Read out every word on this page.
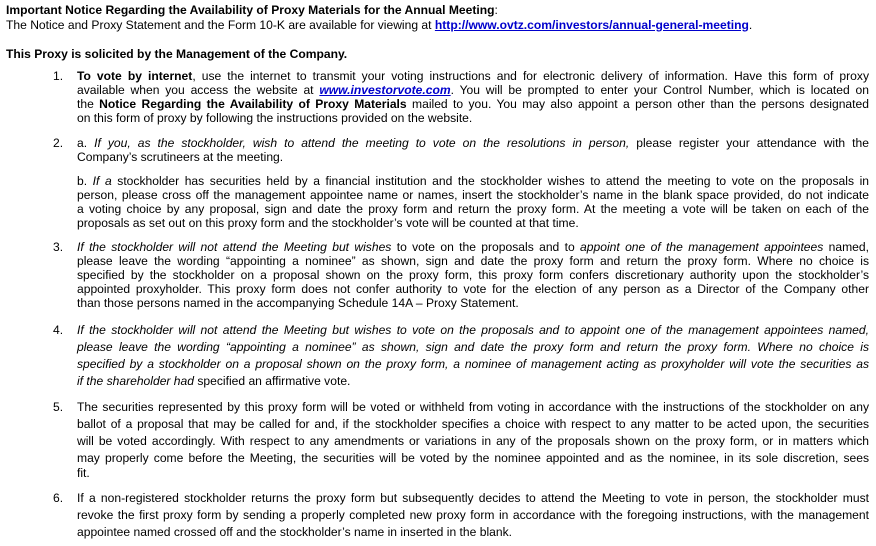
Important Notice Regarding the Availability of Proxy Materials for the Annual Meeting:
The Notice and Proxy Statement and the Form 10-K are available for viewing at http://www.ovtz.com/investors/annual-general-meeting.
This Proxy is solicited by the Management of the Company.
1. To vote by internet, use the internet to transmit your voting instructions and for electronic delivery of information. Have this form of proxy
available when you access the website at www.investorvote.com. You will be prompted to enter your Control Number, which is located on
the Notice Regarding the Availability of Proxy Materials mailed to you. You may also appoint a person other than the persons designated
on this form of proxy by following the instructions provided on the website.
2. a. If you, as the stockholder, wish to attend the meeting to vote on the resolutions in person, please register your attendance with the
Company’s scrutineers at the meeting.
b. If a stockholder has securities held by a financial institution and the stockholder wishes to attend the meeting to vote on the proposals in
person, please cross off the management appointee name or names, insert the stockholder’s name in the blank space provided, do not indicate
a voting choice by any proposal, sign and date the proxy form and return the proxy form. At the meeting a vote will be taken on each of the
proposals as set out on this proxy form and the stockholder’s vote will be counted at that time.
3. If the stockholder will not attend the Meeting but wishes to vote on the proposals and to appoint one of the management appointees named,
please leave the wording “appointing a nominee” as shown, sign and date the proxy form and return the proxy form. Where no choice is
specified by the stockholder on a proposal shown on the proxy form, this proxy form confers discretionary authority upon the stockholder’s
appointed proxyholder. This proxy form does not confer authority to vote for the election of any person as a Director of the Company other
than those persons named in the accompanying Schedule 14A – Proxy Statement.
4. If the stockholder will not attend the Meeting but wishes to vote on the proposals and to appoint one of the management appointees named,
please leave the wording “appointing a nominee” as shown, sign and date the proxy form and return the proxy form. Where no choice is
specified by a stockholder on a proposal shown on the proxy form, a nominee of management acting as proxyholder will vote the securities as
if the shareholder had specified an affirmative vote.
5. The securities represented by this proxy form will be voted or withheld from voting in accordance with the instructions of the stockholder on any
ballot of a proposal that may be called for and, if the stockholder specifies a choice with respect to any matter to be acted upon, the securities
will be voted accordingly. With respect to any amendments or variations in any of the proposals shown on the proxy form, or in matters which
may properly come before the Meeting, the securities will be voted by the nominee appointed and as the nominee, in its sole discretion, sees
fit.
6. If a non-registered stockholder returns the proxy form but subsequently decides to attend the Meeting to vote in person, the stockholder must
revoke the first proxy form by sending a properly completed new proxy form in accordance with the foregoing instructions, with the management
appointee named crossed off and the stockholder’s name in inserted in the blank.
